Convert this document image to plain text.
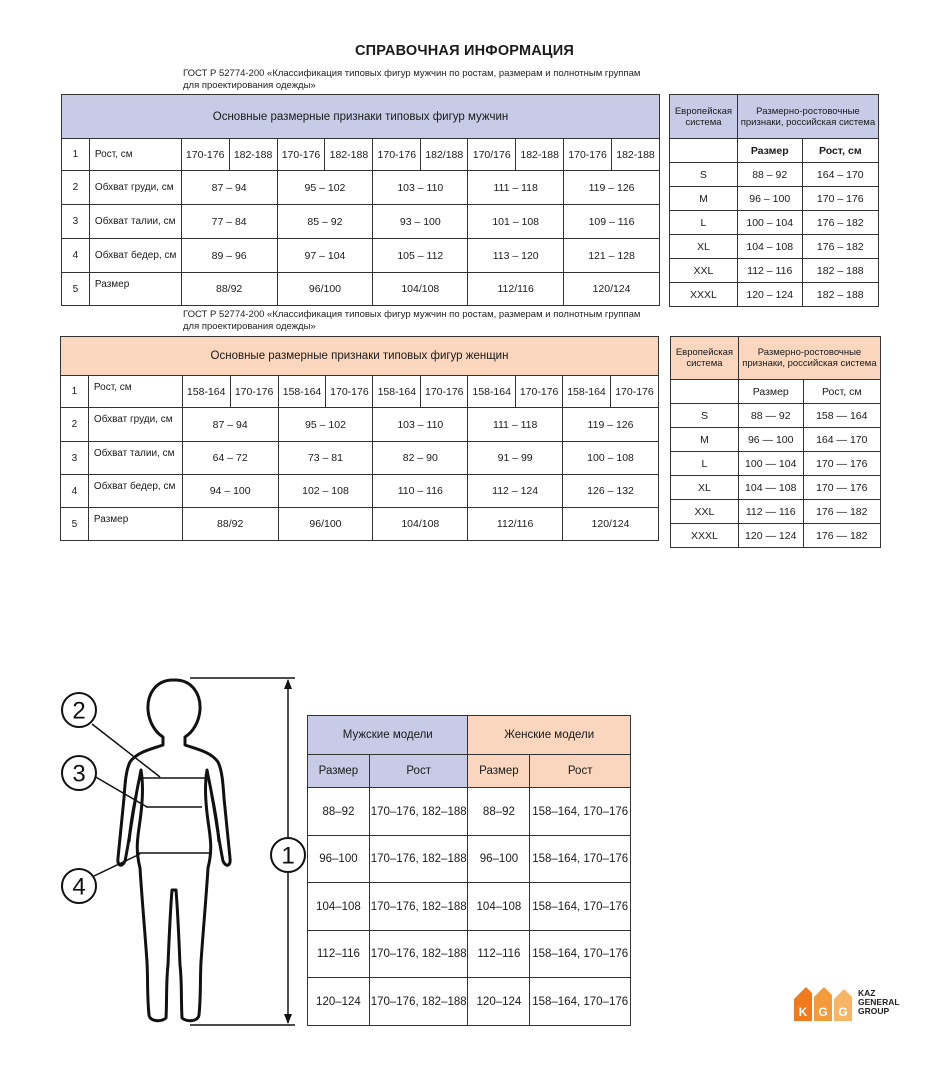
СПРАВОЧНАЯ ИНФОРМАЦИЯ
ГОСТ Р 52774-200 «Классификация типовых фигур мужчин по ростам, размерам и полнотным группам для проектирования одежды»
Основные размерные признаки типовых фигур мужчин											
1	Рост, см	170-176	182-188	170-176	182-188	170-176	182/188	170/176	182-188	170-176	182-188
2	Обхват груди, см	87 – 94		95 – 102		103 – 110		111 – 118		119 – 126	
3	Обхват талии, см	77 – 84		85 – 92		93 – 100		101 – 108		109 – 116	
4	Обхват бедер, см	89 – 96		97 – 104		105 – 112		113 – 120		121 – 128	
5	Размер	88/92		96/100		104/108		112/116		120/124	
Европейская система	Размерно-ростовочные признаки, российская система	
	Размер	Рост, см
S	88 – 92	164 – 170
M	96 – 100	170 – 176
L	100 – 104	176 – 182
XL	104 – 108	176 – 182
XXL	112 – 116	182 – 188
XXXL	120 – 124	182 – 188
ГОСТ Р 52774-200 «Классификация типовых фигур мужчин по ростам, размерам и полнотным группам для проектирования одежды»
Основные размерные признаки типовых фигур женщин											
1	Рост, см	158-164	170-176	158-164	170-176	158-164	170-176	158-164	170-176	158-164	170-176
2	Обхват груди, см	87 – 94		95 – 102		103 – 110		111 – 118		119 – 126	
3	Обхват талии, см	64 – 72		73 – 81		82 – 90		91 – 99		100 – 108	
4	Обхват бедер, см	94 – 100		102 – 108		110 – 116		112 – 124		126 – 132	
5	Размер	88/92		96/100		104/108		112/116		120/124	
Европейская система	Размерно-ростовочные признаки, российская система	
	Размер	Рост, см
S	88 — 92	158 — 164
M	96 — 100	164 — 170
L	100 — 104	170 — 176
XL	104 — 108	170 — 176
XXL	112 — 116	176 — 182
XXXL	120 — 124	176 — 182
2
3
4
1
Мужские модели		Женские модели	
Размер	Рост	Размер	Рост
88–92	170–176, 182–188	88–92	158–164, 170–176
96–100	170–176, 182–188	96–100	158–164, 170–176
104–108	170–176, 182–188	104–108	158–164, 170–176
112–116	170–176, 182–188	112–116	158–164, 170–176
120–124	170–176, 182–188	120–124	158–164, 170–176
K G G
KAZ
GENERAL
GROUP
